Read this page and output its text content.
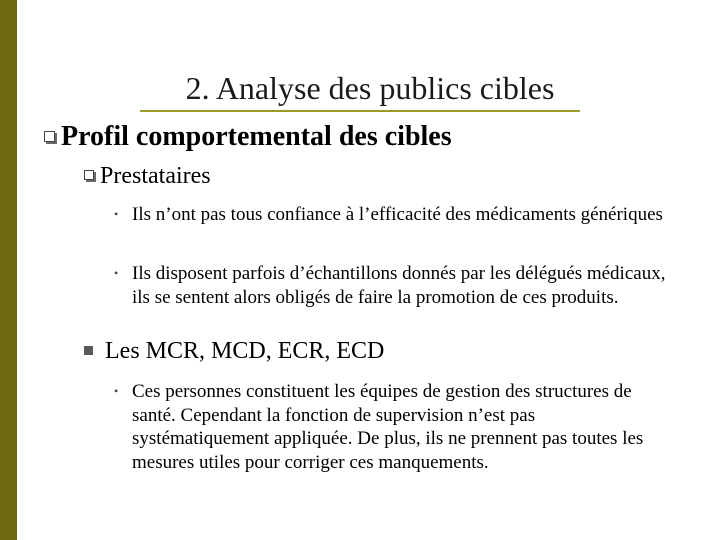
2. Analyse des publics cibles
Profil comportemental des cibles
Prestataires
• Ils n’ont pas tous confiance à l’efficacité des médicaments génériques
• Ils disposent parfois d’échantillons donnés par les délégués médicaux, ils se sentent alors obligés de faire la promotion de ces produits.
Les MCR, MCD, ECR, ECD
• Ces personnes constituent les équipes de gestion des structures de santé. Cependant la fonction de supervision n’est pas systématiquement appliquée. De plus, ils ne prennent pas toutes les mesures utiles pour corriger ces manquements.
